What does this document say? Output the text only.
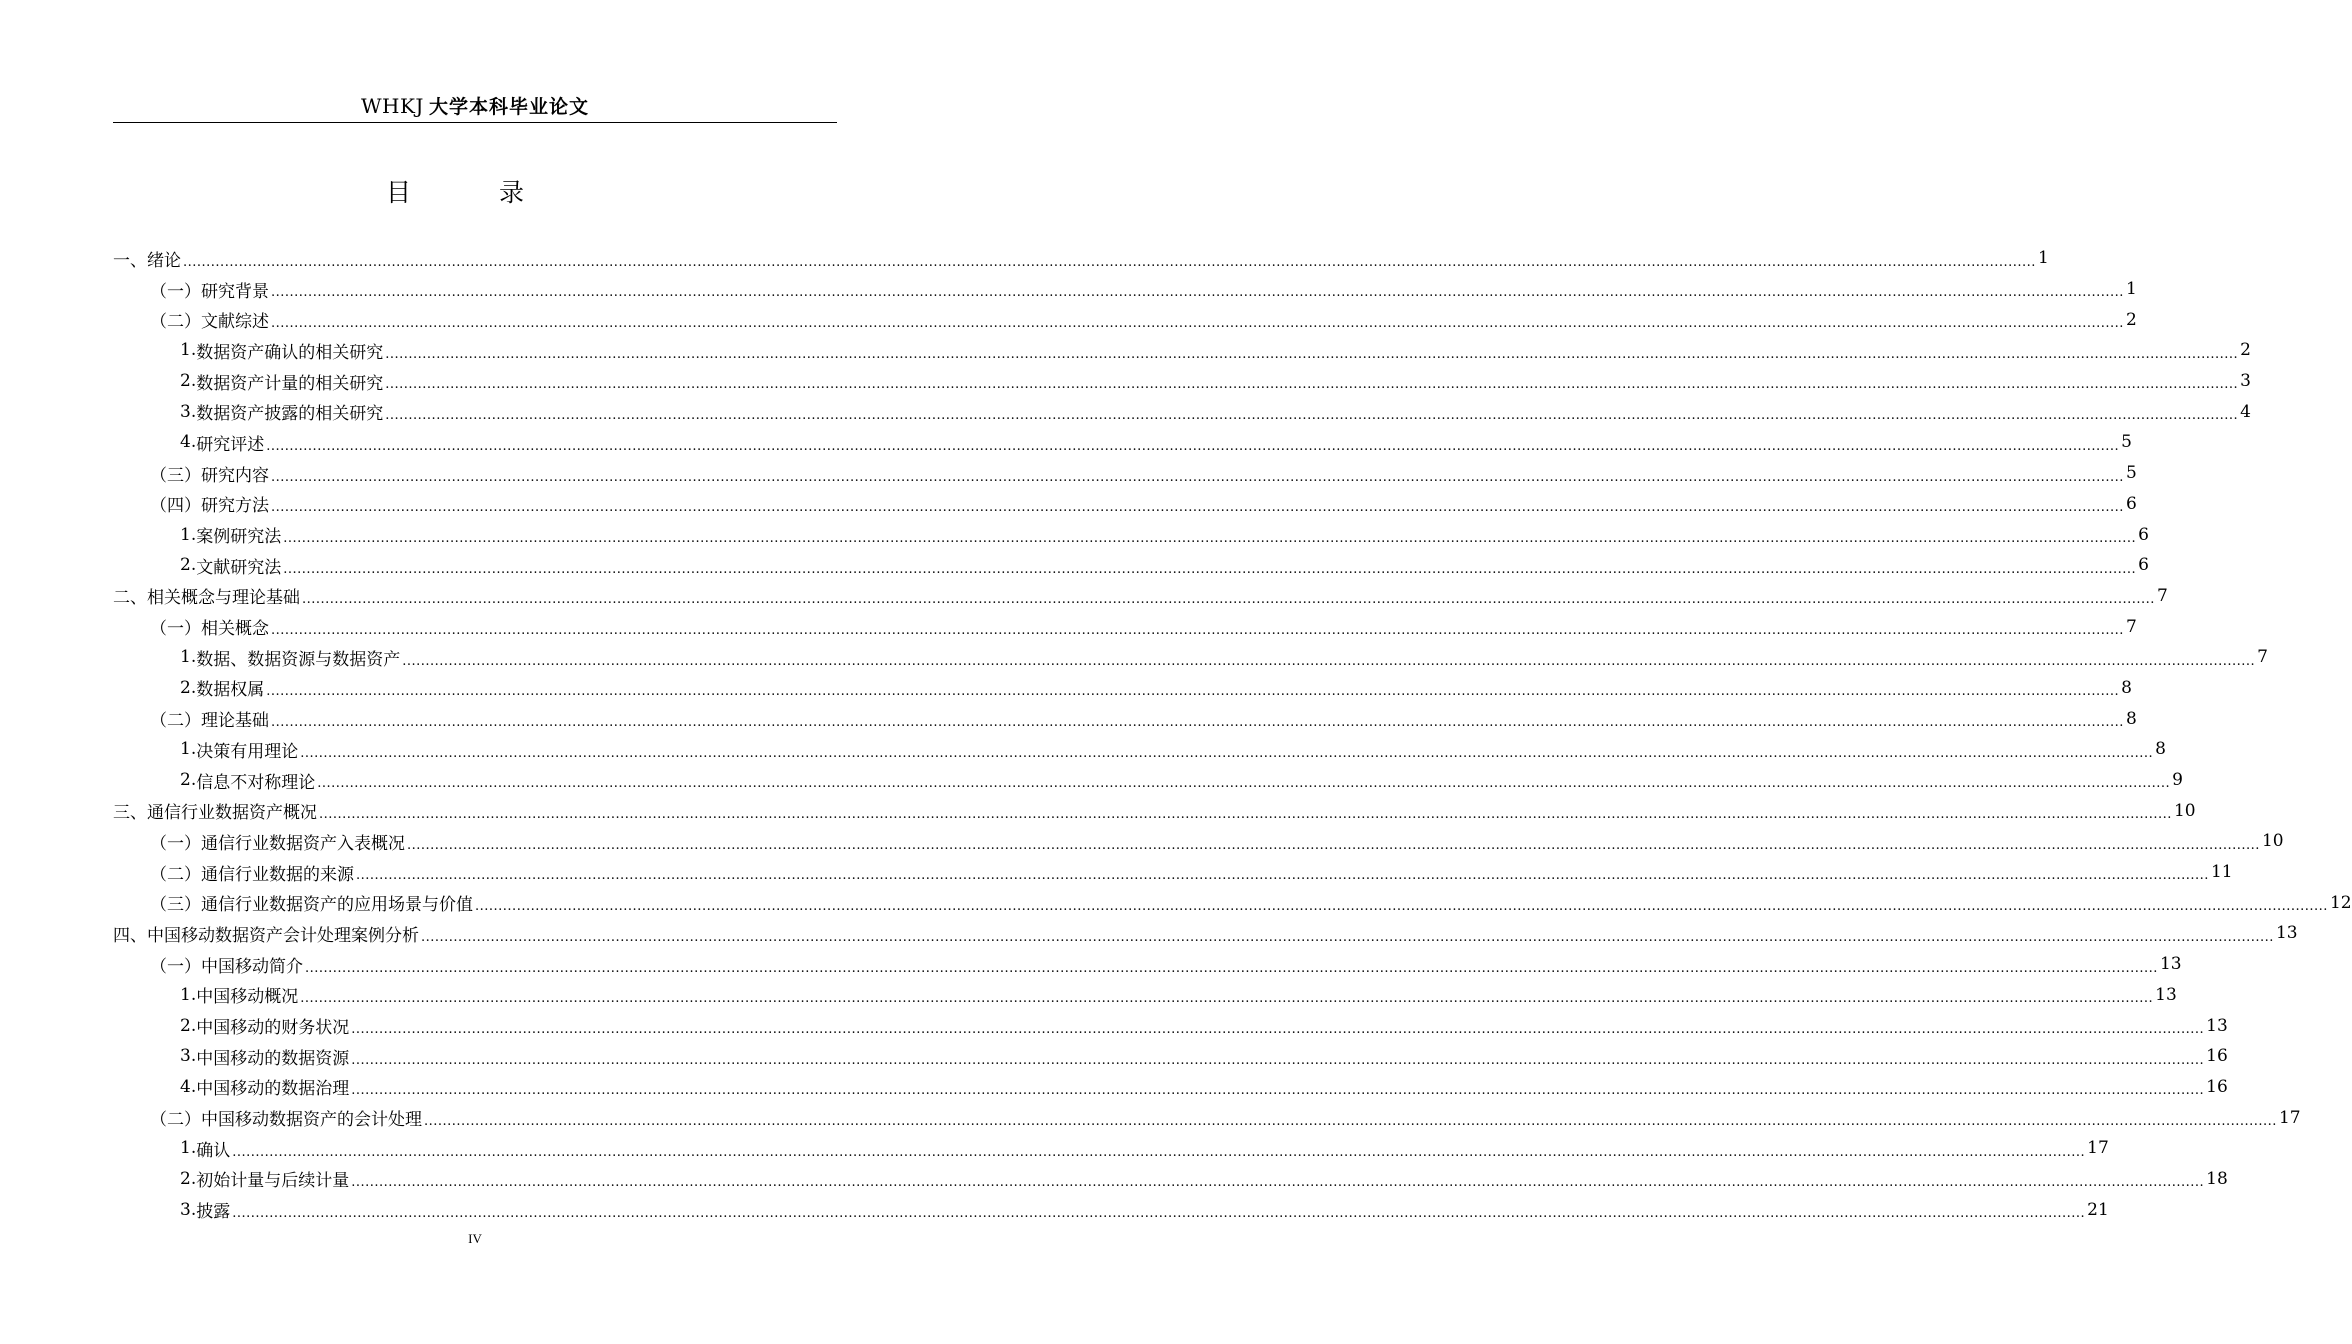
WHKJ 大学本科毕业论文
目 录
一、 绪论 ................................................................................................................................................................................................................................................................................................................................................................................................................ 1
（一） 研究背景 ................................................................................................................................................................................................................................................................................................................................................................................................................ 1
（二） 文献综述 ................................................................................................................................................................................................................................................................................................................................................................................................................ 2
1. 数据资产确认的相关研究 ................................................................................................................................................................................................................................................................................................................................................................................................................ 2
2. 数据资产计量的相关研究 ................................................................................................................................................................................................................................................................................................................................................................................................................ 3
3. 数据资产披露的相关研究 ................................................................................................................................................................................................................................................................................................................................................................................................................ 4
4. 研究评述 ................................................................................................................................................................................................................................................................................................................................................................................................................ 5
（三） 研究内容 ................................................................................................................................................................................................................................................................................................................................................................................................................ 5
（四） 研究方法 ................................................................................................................................................................................................................................................................................................................................................................................................................ 6
1. 案例研究法 ................................................................................................................................................................................................................................................................................................................................................................................................................ 6
2. 文献研究法 ................................................................................................................................................................................................................................................................................................................................................................................................................ 6
二、 相关概念与理论基础 ................................................................................................................................................................................................................................................................................................................................................................................................................ 7
（一） 相关概念 ................................................................................................................................................................................................................................................................................................................................................................................................................ 7
1. 数据、数据资源与数据资产 ................................................................................................................................................................................................................................................................................................................................................................................................................ 7
2. 数据权属 ................................................................................................................................................................................................................................................................................................................................................................................................................ 8
（二） 理论基础 ................................................................................................................................................................................................................................................................................................................................................................................................................ 8
1. 决策有用理论 ................................................................................................................................................................................................................................................................................................................................................................................................................ 8
2. 信息不对称理论 ................................................................................................................................................................................................................................................................................................................................................................................................................ 9
三、 通信行业数据资产概况 ................................................................................................................................................................................................................................................................................................................................................................................................................ 10
（一） 通信行业数据资产入表概况 ................................................................................................................................................................................................................................................................................................................................................................................................................ 10
（二） 通信行业数据的来源 ................................................................................................................................................................................................................................................................................................................................................................................................................ 11
（三） 通信行业数据资产的应用场景与价值 ................................................................................................................................................................................................................................................................................................................................................................................................................ 12
四、 中国移动数据资产会计处理案例分析 ................................................................................................................................................................................................................................................................................................................................................................................................................ 13
（一） 中国移动简介 ................................................................................................................................................................................................................................................................................................................................................................................................................ 13
1. 中国移动概况 ................................................................................................................................................................................................................................................................................................................................................................................................................ 13
2. 中国移动的财务状况 ................................................................................................................................................................................................................................................................................................................................................................................................................ 13
3. 中国移动的数据资源 ................................................................................................................................................................................................................................................................................................................................................................................................................ 16
4. 中国移动的数据治理 ................................................................................................................................................................................................................................................................................................................................................................................................................ 16
（二） 中国移动数据资产的会计处理 ................................................................................................................................................................................................................................................................................................................................................................................................................ 17
1. 确认 ................................................................................................................................................................................................................................................................................................................................................................................................................ 17
2. 初始计量与后续计量 ................................................................................................................................................................................................................................................................................................................................................................................................................ 18
3. 披露 ................................................................................................................................................................................................................................................................................................................................................................................................................ 21
IV
